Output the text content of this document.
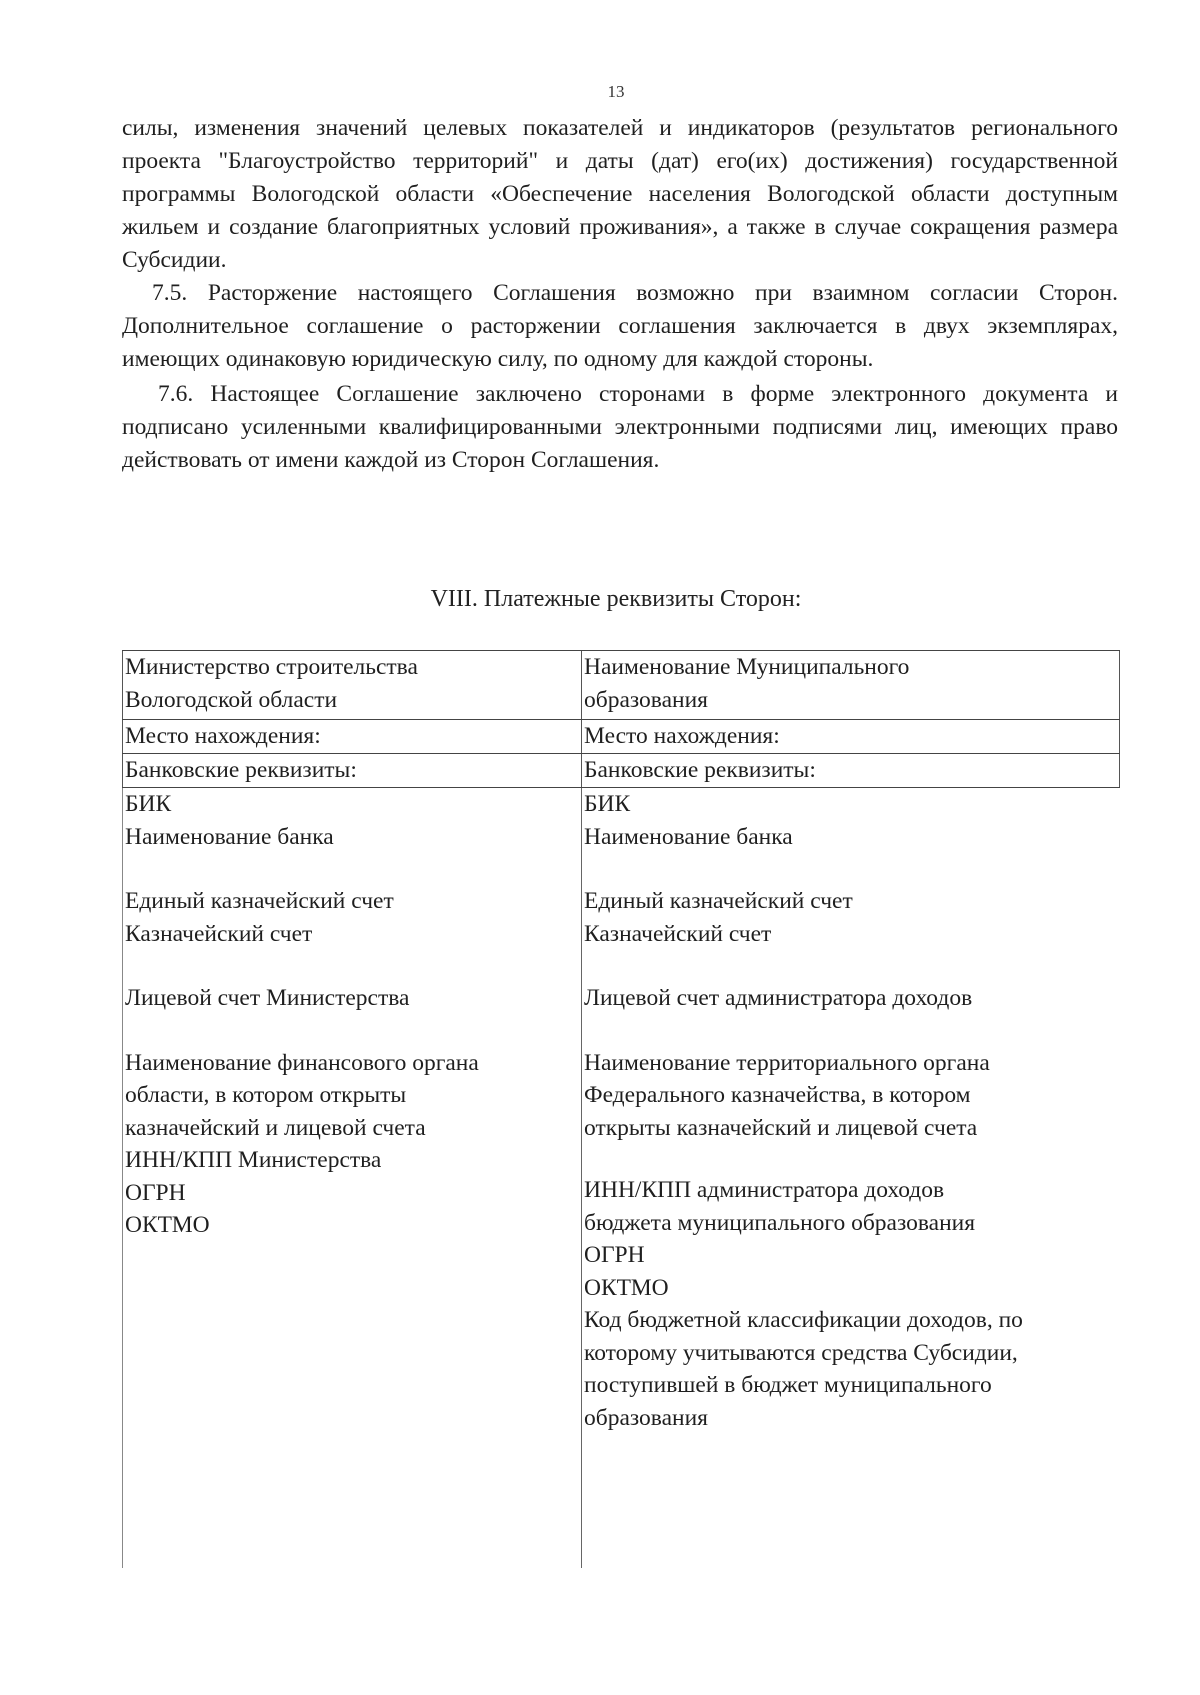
13

силы, изменения значений целевых показателей и индикаторов (результатов регионального проекта "Благоустройство территорий" и даты (дат) его(их) достижения) государственной программы Вологодской области «Обеспечение населения Вологодской области доступным жильем и создание благоприятных условий проживания», а также в случае сокращения размера Субсидии.

7.5. Расторжение настоящего Соглашения возможно при взаимном согласии Сторон. Дополнительное соглашение о расторжении соглашения заключается в двух экземплярах, имеющих одинаковую юридическую силу, по одному для каждой стороны.

7.6. Настоящее Соглашение заключено сторонами в форме электронного документа и подписано усиленными квалифицированными электронными подписями лиц, имеющих право действовать от имени каждой из Сторон Соглашения.

VIII. Платежные реквизиты Сторон:
Министерство строительства
Вологодской области
Наименование Муниципального
образования
Место нахождения:	Место нахождения:
Банковские реквизиты:	Банковские реквизиты:
БИК
Наименование банка
Единый казначейский счет
Казначейский счет
Лицевой счет Министерства
Наименование финансового органа
области, в котором открыты
казначейский и лицевой счета
ИНН/КПП Министерства
ОГРН
ОКТМО
БИК
Наименование банка
Единый казначейский счет
Казначейский счет
Лицевой счет администратора доходов
Наименование территориального органа
Федерального казначейства, в котором
открыты казначейский и лицевой счета
ИНН/КПП администратора доходов
бюджета муниципального образования
ОГРН
ОКТМО
Код бюджетной классификации доходов, по
которому учитываются средства Субсидии,
поступившей в бюджет муниципального
образования
